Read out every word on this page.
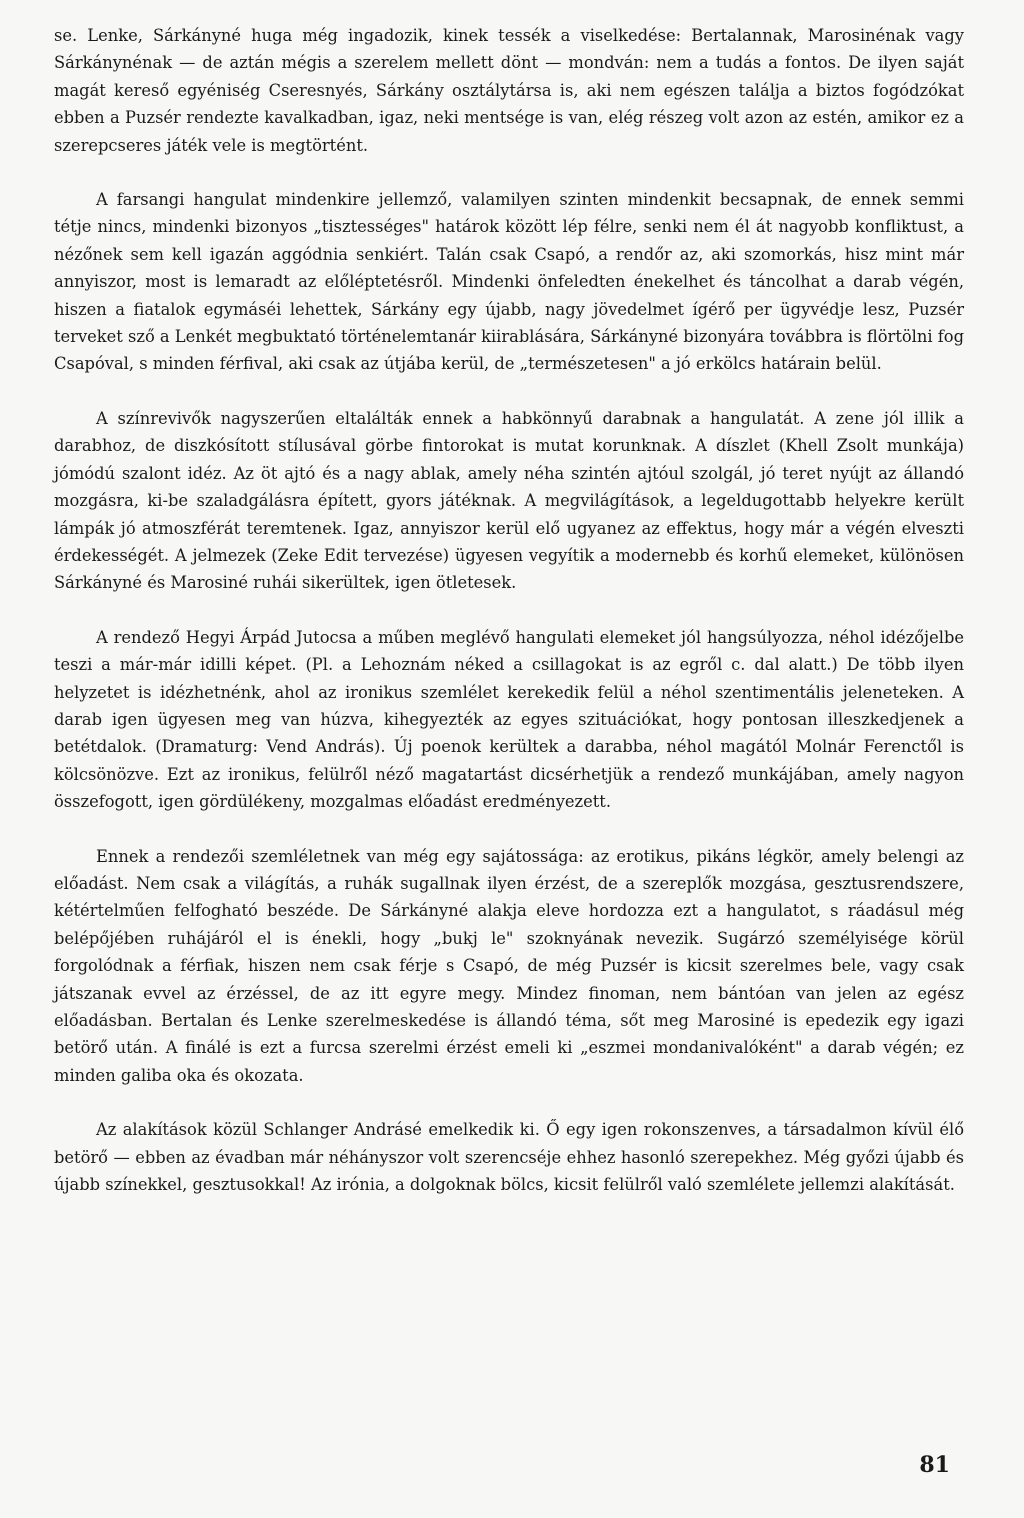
se. Lenke, Sárkányné huga még ingadozik, kinek tessék a viselkedése: Bertalannak, Marosinénak vagy Sárkánynénak — de aztán mégis a szerelem mellett dönt — mondván: nem a tudás a fontos. De ilyen saját magát kereső egyéniség Cseresnyés, Sárkány osztálytársa is, aki nem egészen találja a biztos fogódzókat ebben a Puzsér rendezte kavalkadban, igaz, neki mentsége is van, elég részeg volt azon az estén, amikor ez a szerepcseres játék vele is megtörtént.

A farsangi hangulat mindenkire jellemző, valamilyen szinten mindenkit becsapnak, de ennek semmi tétje nincs, mindenki bizonyos „tisztességes" határok között lép félre, senki nem él át nagyobb konfliktust, a nézőnek sem kell igazán aggódnia senkiért. Talán csak Csapó, a rendőr az, aki szomorkás, hisz mint már annyiszor, most is lemaradt az előléptetésről. Mindenki önfeledten énekelhet és táncolhat a darab végén, hiszen a fiatalok egymáséi lehettek, Sárkány egy újabb, nagy jövedelmet ígérő per ügyvédje lesz, Puzsér terveket sző a Lenkét megbuktató történelemtanár kiirablására, Sárkányné bizonyára továbbra is flörtölni fog Csapóval, s minden férfival, aki csak az útjába kerül, de „természetesen" a jó erkölcs határain belül.

A színrevivők nagyszerűen eltalálták ennek a habkönnyű darabnak a hangulatát. A zene jól illik a darabhoz, de diszkósított stílusával görbe fintorokat is mutat korunknak. A díszlet (Khell Zsolt munkája) jómódú szalont idéz. Az öt ajtó és a nagy ablak, amely néha szintén ajtóul szolgál, jó teret nyújt az állandó mozgásra, ki-be szaladgálásra épített, gyors játéknak. A megvilágítások, a legeldugottabb helyekre került lámpák jó atmoszférát teremtenek. Igaz, annyiszor kerül elő ugyanez az effektus, hogy már a végén elveszti érdekességét. A jelmezek (Zeke Edit tervezése) ügyesen vegyítik a modernebb és korhű elemeket, különösen Sárkányné és Marosiné ruhái sikerültek, igen ötletesek.

A rendező Hegyi Árpád Jutocsa a műben meglévő hangulati elemeket jól hangsúlyozza, néhol idézőjelbe teszi a már-már idilli képet. (Pl. a Lehoznám néked a csillagokat is az egről c. dal alatt.) De több ilyen helyzetet is idézhetnénk, ahol az ironikus szemlélet kerekedik felül a néhol szentimentális jeleneteken. A darab igen ügyesen meg van húzva, kihegyezték az egyes szituációkat, hogy pontosan illeszkedjenek a betétdalok. (Dramaturg: Vend András). Új poenok kerültek a darabba, néhol magától Molnár Ferenctől is kölcsönözve. Ezt az ironikus, felülről néző magatartást dicsérhetjük a rendező munkájában, amely nagyon összefogott, igen gördülékeny, mozgalmas előadást eredményezett.

Ennek a rendezői szemléletnek van még egy sajátossága: az erotikus, pikáns légkör, amely belengi az előadást. Nem csak a világítás, a ruhák sugallnak ilyen érzést, de a szereplők mozgása, gesztusrendszere, kétértelműen felfogható beszéde. De Sárkányné alakja eleve hordozza ezt a hangulatot, s ráadásul még belépőjében ruhájáról el is énekli, hogy „bukj le" szoknyának nevezik. Sugárzó személyisége körül forgolódnak a férfiak, hiszen nem csak férje s Csapó, de még Puzsér is kicsit szerelmes bele, vagy csak játszanak evvel az érzéssel, de az itt egyre megy. Mindez finoman, nem bántóan van jelen az egész előadásban. Bertalan és Lenke szerelmeskedése is állandó téma, sőt meg Marosiné is epedezik egy igazi betörő után. A finálé is ezt a furcsa szerelmi érzést emeli ki „eszmei mondanivalóként" a darab végén; ez minden galiba oka és okozata.

Az alakítások közül Schlanger Andrásé emelkedik ki. Ő egy igen rokonszenves, a társadalmon kívül élő betörő — ebben az évadban már néhányszor volt szerencséje ehhez hasonló szerepekhez. Még győzi újabb és újabb színekkel, gesztusokkal! Az irónia, a dolgoknak bölcs, kicsit felülről való szemlélete jellemzi alakítását.

81
